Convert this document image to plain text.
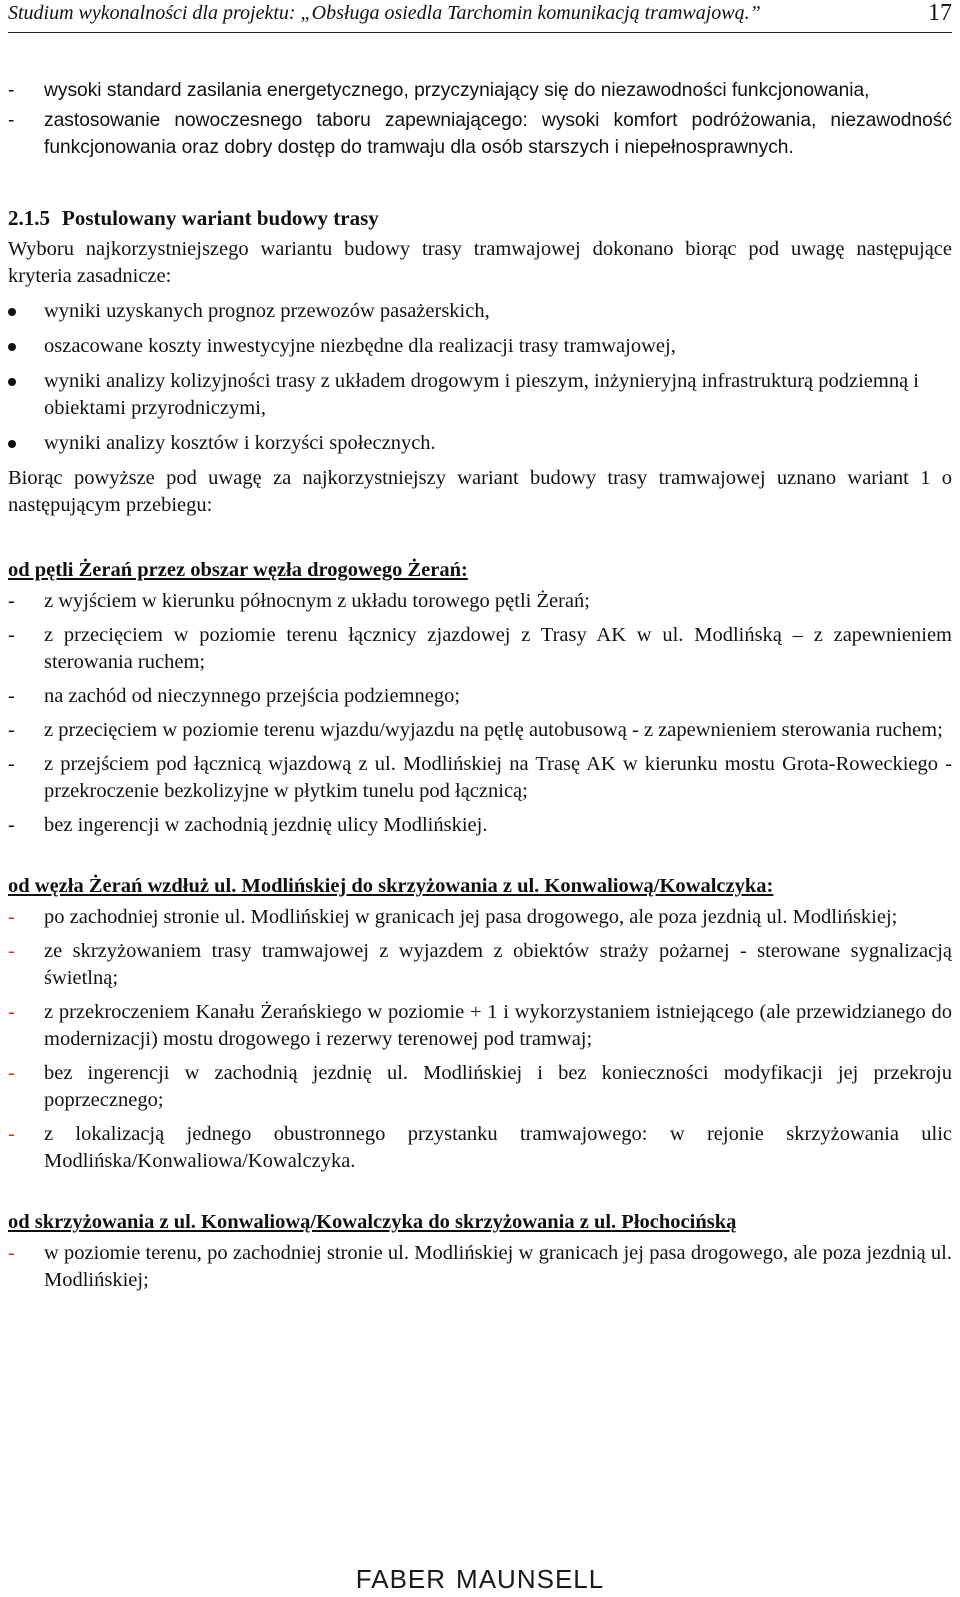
Studium wykonalności dla projektu: „Obsługa osiedla Tarchomin komunikacją tramwajową.”	17
- wysoki standard zasilania energetycznego, przyczyniający się do niezawodności funkcjonowania,
- zastosowanie nowoczesnego taboru zapewniającego: wysoki komfort podróżowania, niezawodność funkcjonowania oraz dobry dostęp do tramwaju dla osób starszych i niepełnosprawnych.
2.1.5 Postulowany wariant budowy trasy
Wyboru najkorzystniejszego wariantu budowy trasy tramwajowej dokonano biorąc pod uwagę następujące kryteria zasadnicze:
wyniki uzyskanych prognoz przewozów pasażerskich,
oszacowane koszty inwestycyjne niezbędne dla realizacji trasy tramwajowej,
wyniki analizy kolizyjności trasy z układem drogowym i pieszym, inżynieryjną infrastrukturą podziemną i obiektami przyrodniczymi,
wyniki analizy kosztów i korzyści społecznych.
Biorąc powyższe pod uwagę za najkorzystniejszy wariant budowy trasy tramwajowej uznano wariant 1 o następującym przebiegu:
od pętli Żerań przez obszar węzła drogowego Żerań:
- z wyjściem w kierunku północnym z układu torowego pętli Żerań;
- z przecięciem w poziomie terenu łącznicy zjazdowej z Trasy AK w ul. Modlińską – z zapewnieniem sterowania ruchem;
- na zachód od nieczynnego przejścia podziemnego;
- z przecięciem w poziomie terenu wjazdu/wyjazdu na pętlę autobusową - z zapewnieniem sterowania ruchem;
- z przejściem pod łącznicą wjazdową z ul. Modlińskiej na Trasę AK w kierunku mostu Grota-Roweckiego - przekroczenie bezkolizyjne w płytkim tunelu pod łącznicą;
- bez ingerencji w zachodnią jezdnię ulicy Modlińskiej.
od węzła Żerań wzdłuż ul. Modlińskiej do skrzyżowania z ul. Konwaliową/Kowalczyka:
- po zachodniej stronie ul. Modlińskiej w granicach jej pasa drogowego, ale poza jezdnią ul. Modlińskiej;
- ze skrzyżowaniem trasy tramwajowej z wyjazdem z obiektów straży pożarnej - sterowane sygnalizacją świetlną;
- z przekroczeniem Kanału Żerańskiego w poziomie + 1 i wykorzystaniem istniejącego (ale przewidzianego do modernizacji) mostu drogowego i rezerwy terenowej pod tramwaj;
- bez ingerencji w zachodnią jezdnię ul. Modlińskiej i bez konieczności modyfikacji jej przekroju poprzecznego;
- z lokalizacją jednego obustronnego przystanku tramwajowego: w rejonie skrzyżowania ulic Modlińska/Konwaliowa/Kowalczyka.
od skrzyżowania z ul. Konwaliową/Kowalczyka do skrzyżowania z ul. Płochocińską
- w poziomie terenu, po zachodniej stronie ul. Modlińskiej w granicach jej pasa drogowego, ale poza jezdnią ul. Modlińskiej;
FABER MAUNSELL
